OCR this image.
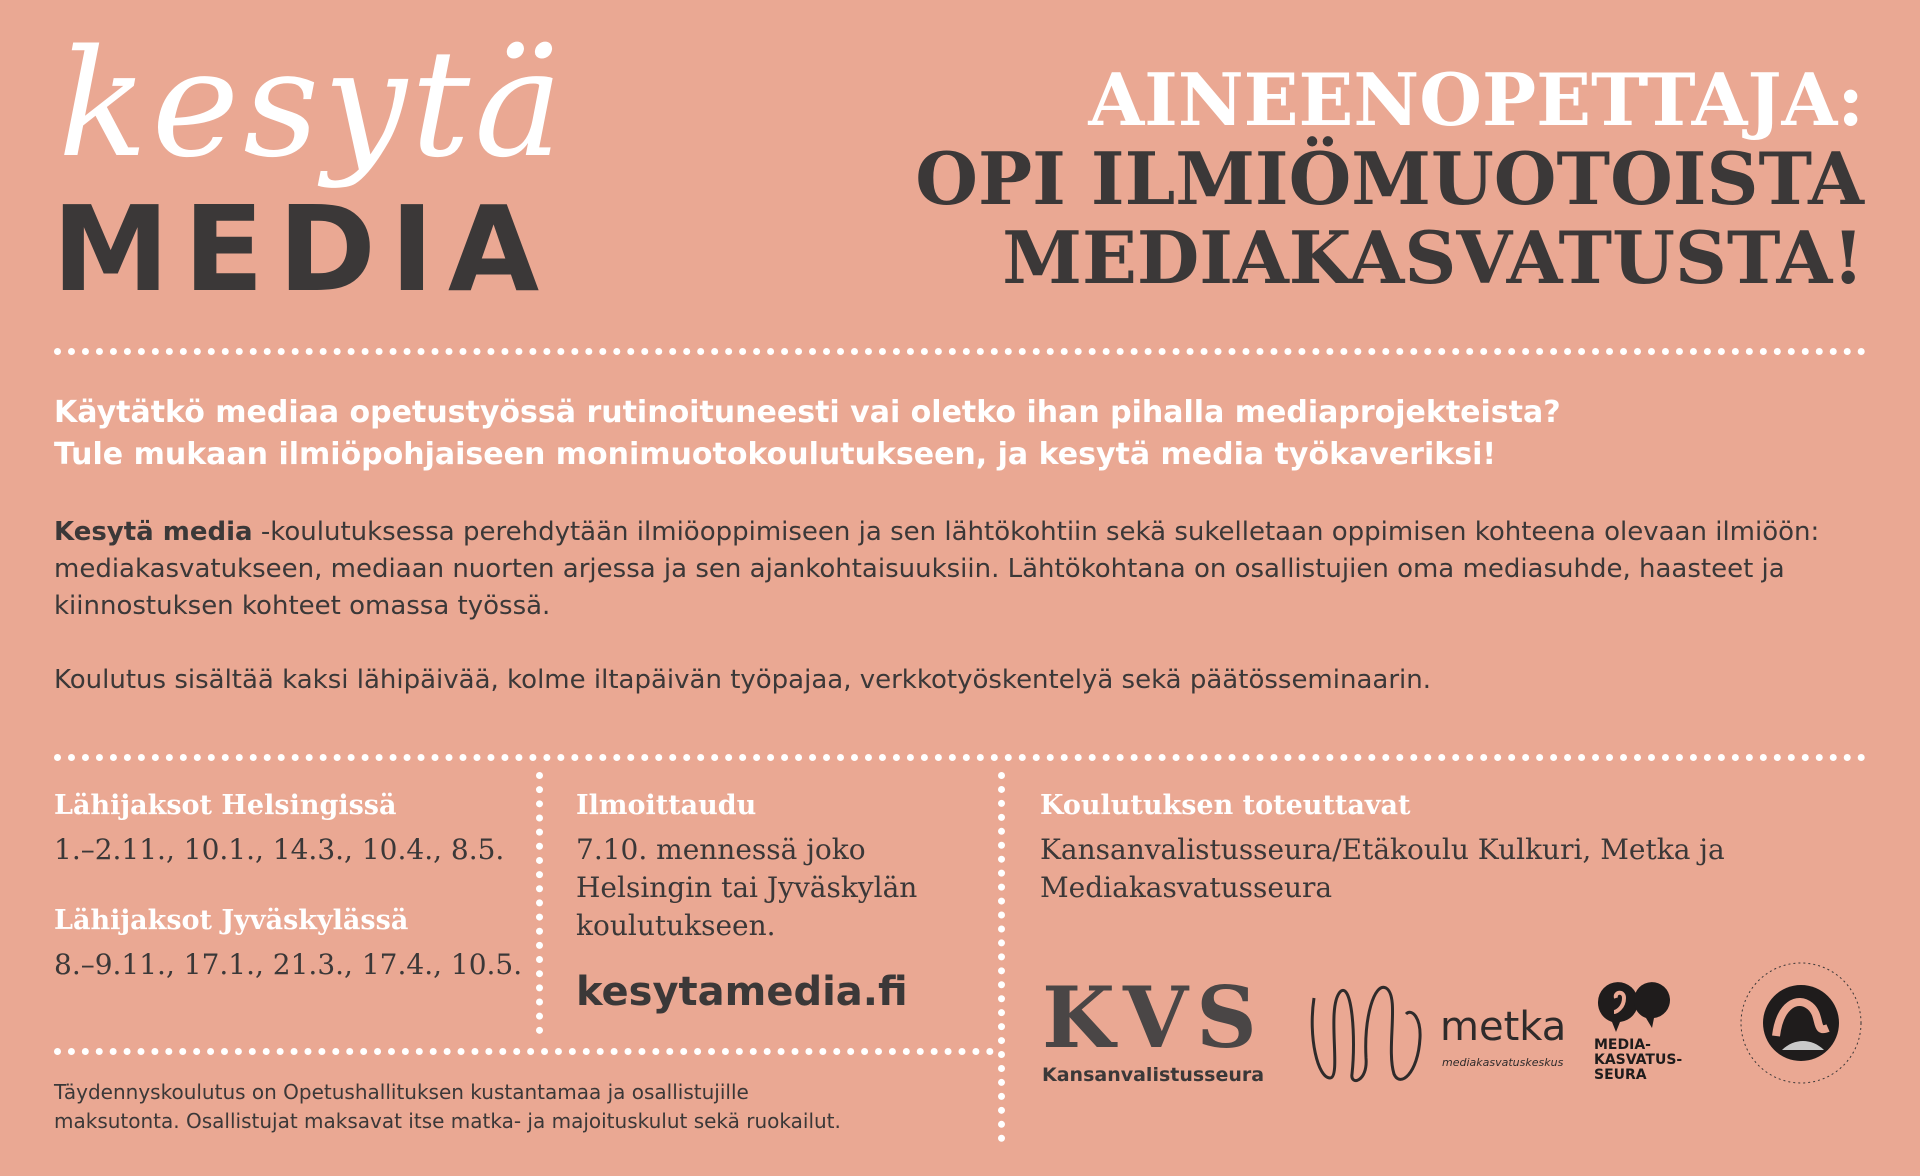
kesytä
MEDIA
AINEENOPETTAJA:
OPI ILMIÖMUOTOISTA
MEDIAKASVATUSTA!
Käytätkö mediaa opetustyössä rutinoituneesti vai oletko ihan pihalla mediaprojekteista?
Tule mukaan ilmiöpohjaiseen monimuotokoulutukseen, ja kesytä media työkaveriksi!

Kesytä media -koulutuksessa perehdytään ilmiöoppimiseen ja sen lähtökohtiin sekä sukelletaan oppimisen kohteena olevaan ilmiöön: mediakasvatukseen, mediaan nuorten arjessa ja sen ajankohtaisuuksiin. Lähtökohtana on osallistujien oma mediasuhde, haasteet ja kiinnostuksen kohteet omassa työssä.

Koulutus sisältää kaksi lähipäivää, kolme iltapäivän työpajaa, verkkotyöskentelyä sekä päätösseminaarin.

Lähijaksot Helsingissä
1.–2.11., 10.1., 14.3., 10.4., 8.5.
Lähijaksot Jyväskylässä
8.–9.11., 17.1., 21.3., 17.4., 10.5.
Ilmoittaudu
7.10. mennessä joko
Helsingin tai Jyväskylän
koulutukseen.
kesytamedia.fi
Koulutuksen toteuttavat
Kansanvalistusseura/Etäkoulu Kulkuri, Metka ja
Mediakasvatusseura
KVS
Kansanvalistusseura
metka
mediakasvatuskeskus
MEDIA-
KASVATUS-
SEURA
Täydennyskoulutus on Opetushallituksen kustantamaa ja osallistujille
maksutonta. Osallistujat maksavat itse matka- ja majoituskulut sekä ruokailut.
